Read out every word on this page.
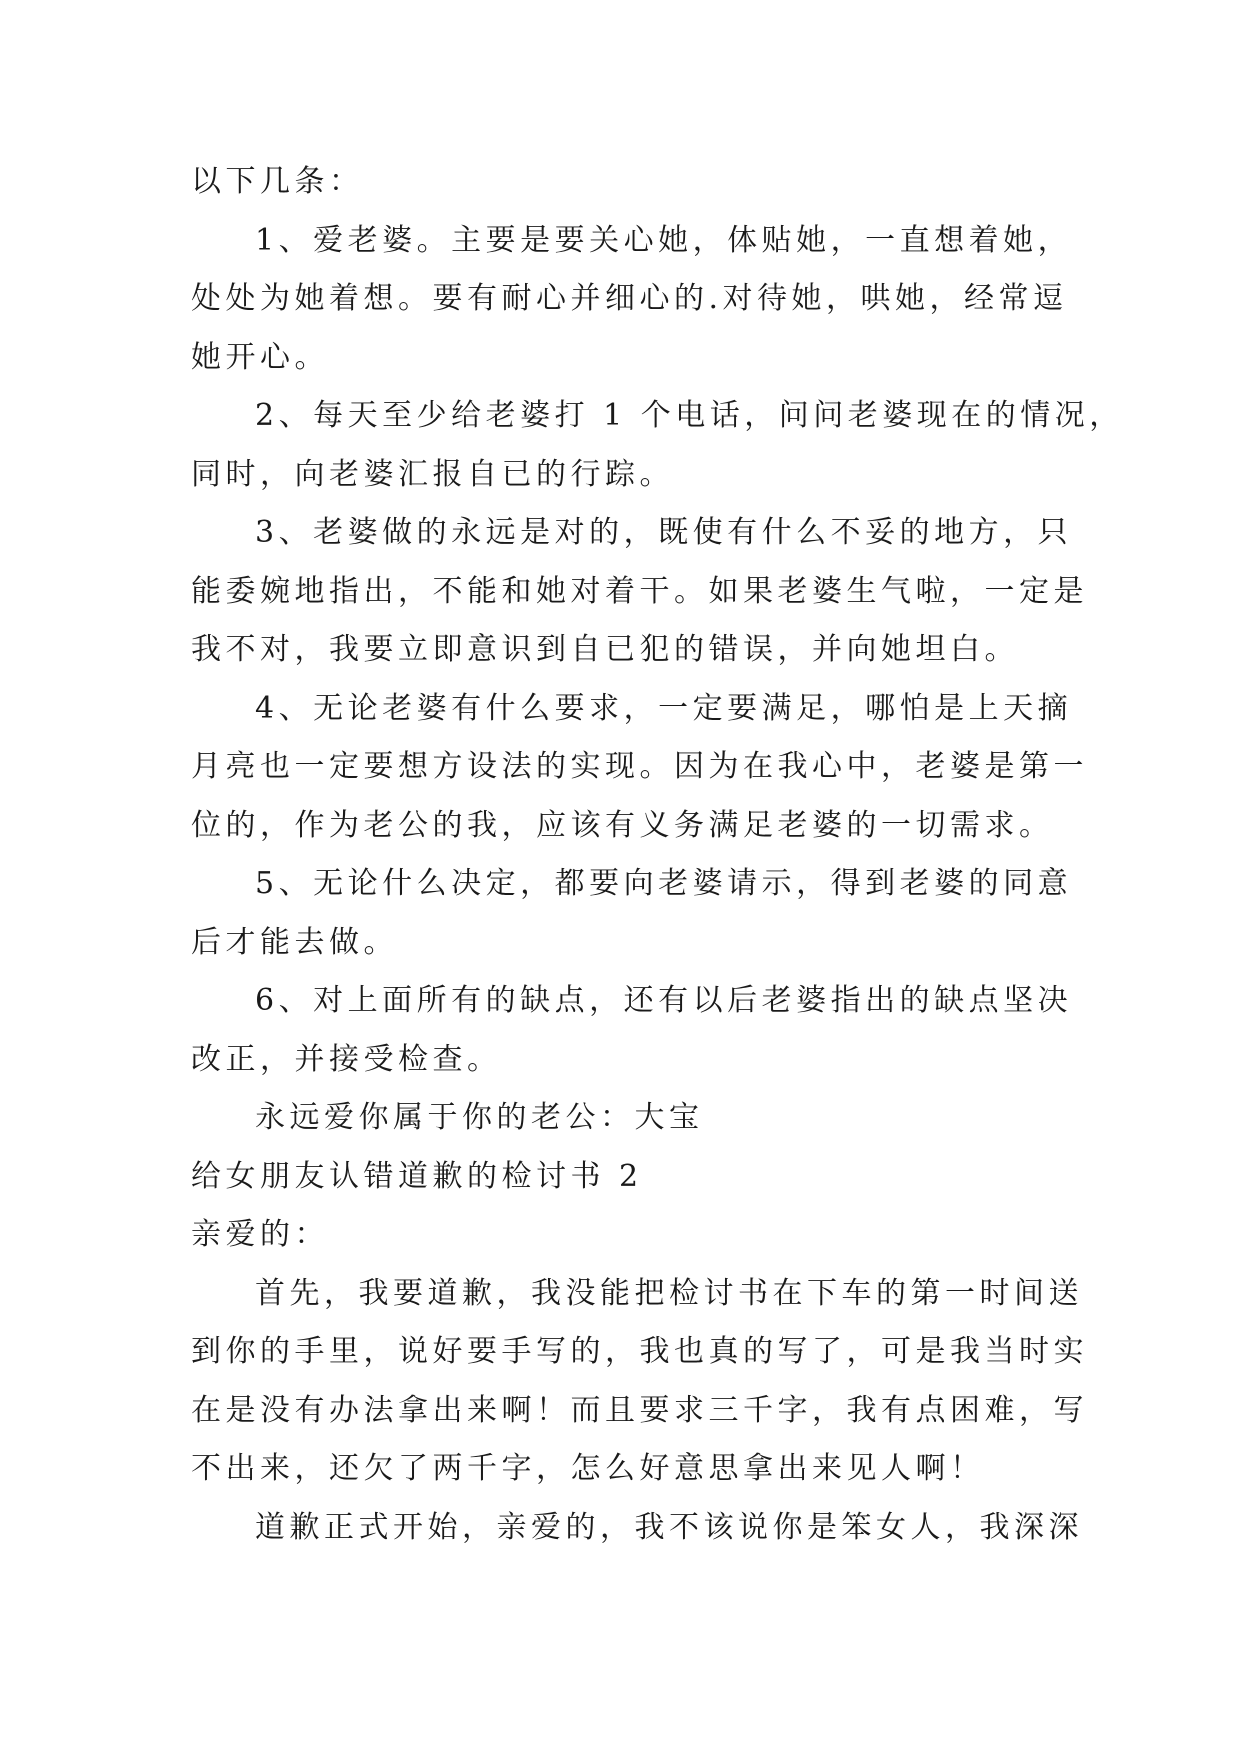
以下几条：
1、爱老婆。主要是要关心她，体贴她，一直想着她，
处处为她着想。要有耐心并细心的.对待她，哄她，经常逗
她开心。
2、每天至少给老婆打 1 个电话，问问老婆现在的情况，
同时，向老婆汇报自已的行踪。
3、老婆做的永远是对的，既使有什么不妥的地方，只
能委婉地指出，不能和她对着干。如果老婆生气啦，一定是
我不对，我要立即意识到自已犯的错误，并向她坦白。
4、无论老婆有什么要求，一定要满足，哪怕是上天摘
月亮也一定要想方设法的实现。因为在我心中，老婆是第一
位的，作为老公的我，应该有义务满足老婆的一切需求。
5、无论什么决定，都要向老婆请示，得到老婆的同意
后才能去做。
6、对上面所有的缺点，还有以后老婆指出的缺点坚决
改正，并接受检查。
永远爱你属于你的老公：大宝
给女朋友认错道歉的检讨书 2
亲爱的：
首先，我要道歉，我没能把检讨书在下车的第一时间送
到你的手里，说好要手写的，我也真的写了，可是我当时实
在是没有办法拿出来啊！而且要求三千字，我有点困难，写
不出来，还欠了两千字，怎么好意思拿出来见人啊！
道歉正式开始，亲爱的，我不该说你是笨女人，我深深
